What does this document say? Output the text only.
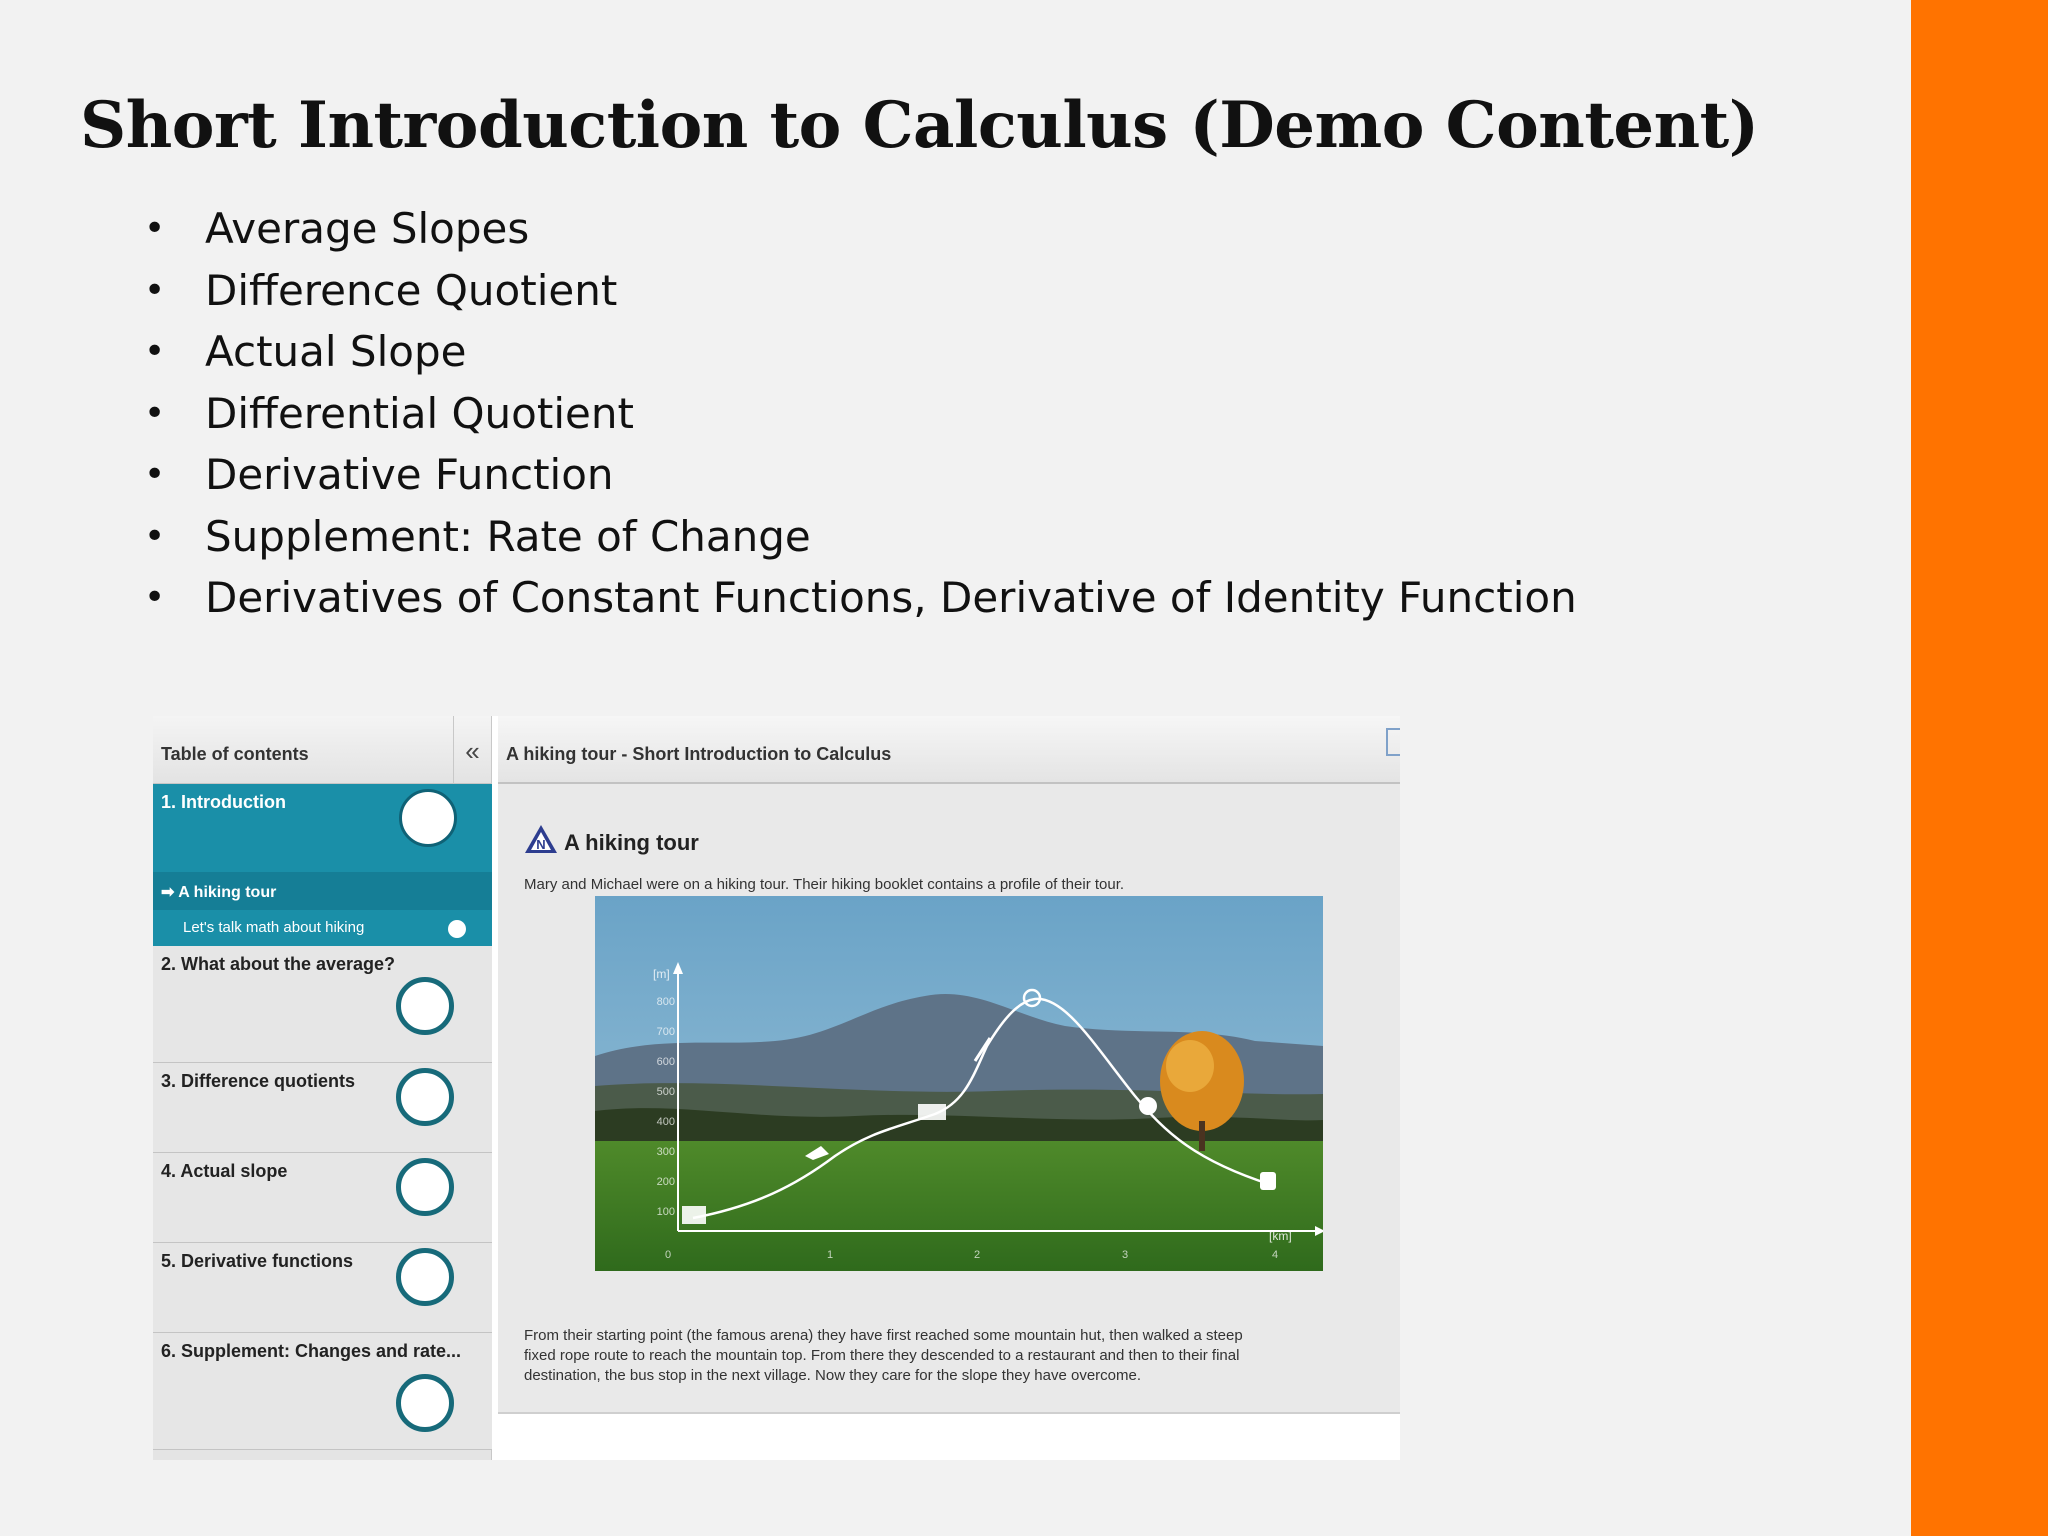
Short Introduction to Calculus (Demo Content)
• Average Slopes
• Difference Quotient
• Actual Slope
• Differential Quotient
• Derivative Function
• Supplement: Rate of Change
• Derivatives of Constant Functions, Derivative of Identity Function
Table of contents	«
1. Introduction
➡ A hiking tour
Let's talk math about hiking
2. What about the average?
3. Difference quotients
4. Actual slope
5. Derivative functions
6. Supplement: Changes and rate...
A hiking tour - Short Introduction to Calculus
N A hiking tour
Mary and Michael were on a hiking tour. Their hiking booklet contains a profile of their tour.
[m]
[km]
100
200
300
400
500
600
700
800
0	1	2	3	4
From their starting point (the famous arena) they have first reached some mountain hut, then walked a steep
fixed rope route to reach the mountain top. From there they descended to a restaurant and then to their final
destination, the bus stop in the next village. Now they care for the slope they have overcome.
